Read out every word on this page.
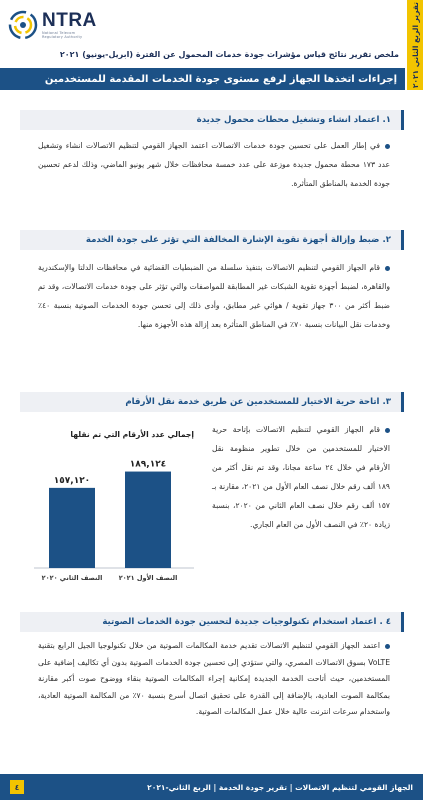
NTRA
National Telecom Regulatory Authority
تقرير الربع الثاني ٢٠٢١
ملخص تقرير نتائج قياس مؤشرات جودة خدمات المحمول عن الفترة (ابريل-يونيو) ٢٠٢١
إجراءات اتخذها الجهاز لرفع مستوى جودة الخدمات المقدمة للمستخدمين
١. اعتماد انشاء وتشغيل محطات محمول جديدة
في إطار العمل على تحسين جودة خدمات الاتصالات اعتمد الجهاز القومي لتنظيم الاتصالات انشاء وتشغيل عدد ١٧٣ محطة محمول جديدة موزعة على عدد خمسة محافظات خلال شهر يونيو الماضي، وذلك لدعم تحسين جودة الخدمة بالمناطق المتأثرة.
٢. ضبط وإزالة أجهزة تقوية الإشارة المخالفة التي تؤثر على جودة الخدمة
قام الجهاز القومي لتنظيم الاتصالات بتنفيذ سلسلة من الضبطيات القضائية في محافظات الدلتا والإسكندرية والقاهرة، لضبط أجهزة تقوية الشبكات غير المطابقة للمواصفات والتي تؤثر على جودة خدمات الاتصالات، وقد تم ضبط أكثر من ٣٠٠ جهاز تقوية / هوائي غير مطابق، وأدى ذلك إلى تحسن جودة الخدمات الصوتية بنسبة ٤٠٪ وخدمات نقل البيانات بنسبة ٧٠٪ في المناطق المتأثرة بعد إزالة هذه الأجهزة منها.
٣. اتاحة حرية الاختيار للمستخدمين عن طريق خدمة نقل الأرقام
قام الجهاز القومي لتنظيم الاتصالات بإتاحة حرية الاختيار للمستخدمين من خلال تطوير منظومة نقل الأرقام في خلال ٢٤ ساعة مجانا، وقد تم نقل أكثر من ١٨٩ ألف رقم خلال نصف العام الأول من ٢٠٢١، مقارنة بـ ١٥٧ ألف رقم خلال نصف العام الثاني من ٢٠٢٠، بنسبة زيادة ٢٠٪ في النصف الأول من العام الجاري.
إجمالي عدد الأرقام التي تم نقلها
١٨٩,١٢٤
النصف الأول ٢٠٢١
١٥٧,١٢٠
النصف الثاني ٢٠٢٠
٤ . اعتماد استخدام تكنولوجيات جديدة لتحسين جودة الخدمات الصوتية
اعتمد الجهاز القومي لتنظيم الاتصالات تقديم خدمة المكالمات الصوتية من خلال تكنولوجيا الجيل الرابع بتقنية VoLTE بسوق الاتصالات المصري، والتي ستؤدي إلى تحسين جودة الخدمات الصوتية بدون أي تكاليف إضافية على المستخدمين، حيث أتاحت الخدمة الجديدة إمكانية إجراء المكالمات الصوتية بنقاء ووضوح صوت أكبر مقارنة بمكالمة الصوت العادية، بالإضافة إلى القدرة على تحقيق اتصال أسرع بنسبة ٧٠٪ من المكالمة الصوتية العادية، واستخدام سرعات انترنت عالية خلال عمل المكالمات الصوتية.
٤	الجهاز القومي لتنظيم الاتصالات | تقرير جودة الخدمة | الربع الثاني-٢٠٢١
